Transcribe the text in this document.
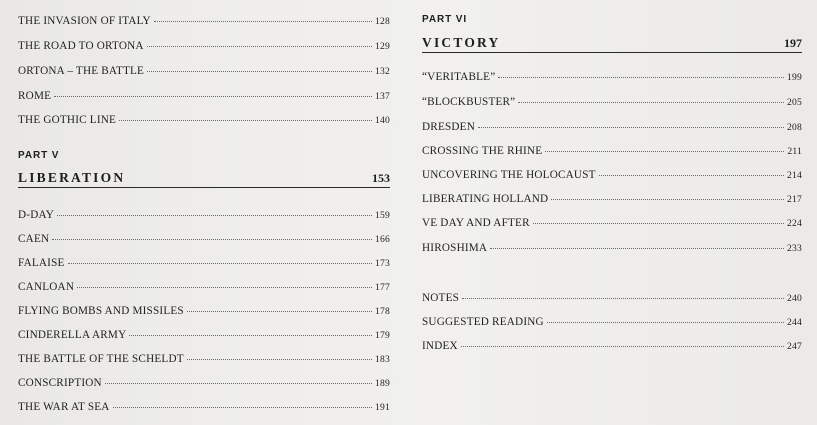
THE INVASION OF ITALY	128
THE ROAD TO ORTONA	129
ORTONA – THE BATTLE	132
ROME	137
THE GOTHIC LINE	140
PART V
LIBERATION	153
D-DAY	159
CAEN	166
FALAISE	173
CANLOAN	177
FLYING BOMBS AND MISSILES	178
CINDERELLA ARMY	179
THE BATTLE OF THE SCHELDT	183
CONSCRIPTION	189
THE WAR AT SEA	191
PART VI
VICTORY	197
“VERITABLE”	199
“BLOCKBUSTER”	205
DRESDEN	208
CROSSING THE RHINE	211
UNCOVERING THE HOLOCAUST	214
LIBERATING HOLLAND	217
VE DAY AND AFTER	224
HIROSHIMA	233
NOTES	240
SUGGESTED READING	244
INDEX	247
